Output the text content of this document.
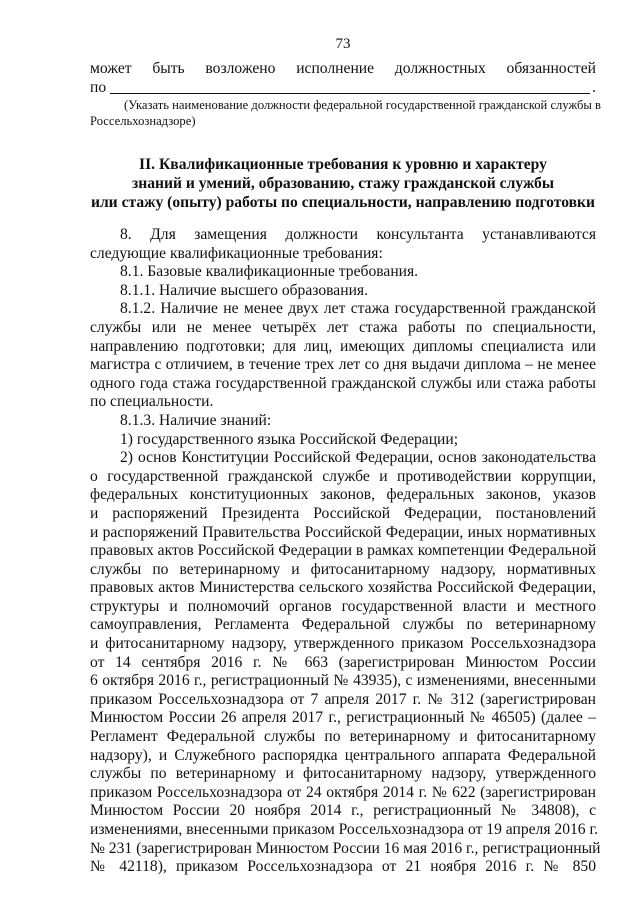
73
может быть возложено исполнение должностных обязанностей
по	.
(Указать наименование должности федеральной государственной гражданской службы в
Россельхознадзоре)
II. Квалификационные требования к уровню и характеру
знаний и умений, образованию, стажу гражданской службы
или стажу (опыту) работы по специальности, направлению подготовки
8. Для замещения должности консультанта устанавливаются
следующие квалификационные требования:
8.1. Базовые квалификационные требования.
8.1.1. Наличие высшего образования.
8.1.2. Наличие не менее двух лет стажа государственной гражданской
службы или не менее четырёх лет стажа работы по специальности,
направлению подготовки; для лиц, имеющих дипломы специалиста или
магистра с отличием, в течение трех лет со дня выдачи диплома – не менее
одного года стажа государственной гражданской службы или стажа работы
по специальности.
8.1.3. Наличие знаний:
1) государственного языка Российской Федерации;
2) основ Конституции Российской Федерации, основ законодательства
о государственной гражданской службе и противодействии коррупции,
федеральных конституционных законов, федеральных законов, указов
и распоряжений Президента Российской Федерации, постановлений
и распоряжений Правительства Российской Федерации, иных нормативных
правовых актов Российской Федерации в рамках компетенции Федеральной
службы по ветеринарному и фитосанитарному надзору, нормативных
правовых актов Министерства сельского хозяйства Российской Федерации,
структуры и полномочий органов государственной власти и местного
самоуправления, Регламента Федеральной службы по ветеринарному
и фитосанитарному надзору, утвержденного приказом Россельхознадзора
от 14 сентября 2016 г. № 663 (зарегистрирован Минюстом России
6 октября 2016 г., регистрационный № 43935), с изменениями, внесенными
приказом Россельхознадзора от 7 апреля 2017 г. № 312 (зарегистрирован
Минюстом России 26 апреля 2017 г., регистрационный № 46505) (далее –
Регламент Федеральной службы по ветеринарному и фитосанитарному
надзору), и Служебного распорядка центрального аппарата Федеральной
службы по ветеринарному и фитосанитарному надзору, утвержденного
приказом Россельхознадзора от 24 октября 2014 г. № 622 (зарегистрирован
Минюстом России 20 ноября 2014 г., регистрационный № 34808), с
изменениями, внесенными приказом Россельхознадзора от 19 апреля 2016 г.
№ 231 (зарегистрирован Минюстом России 16 мая 2016 г., регистрационный
№ 42118), приказом Россельхознадзора от 21 ноября 2016 г. № 850
